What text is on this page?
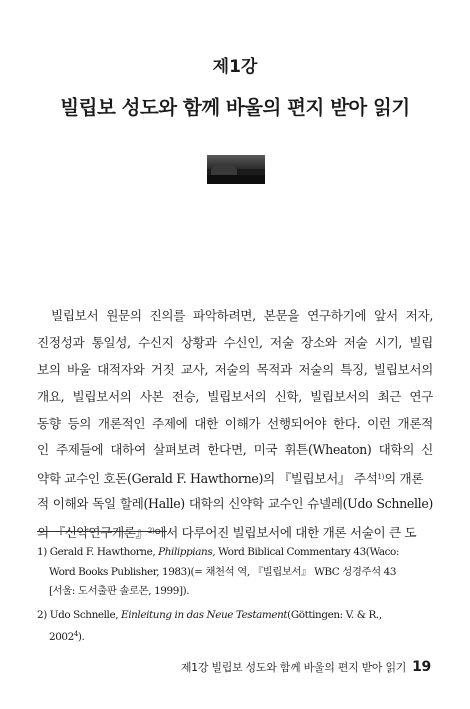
제1강
빌립보 성도와 함께 바울의 편지 받아 읽기
빌립보서 원문의 진의를 파악하려면, 본문을 연구하기에 앞서 저자,
진정성과 통일성, 수신지 상황과 수신인, 저술 장소와 저술 시기, 빌립
보의 바울 대적자와 거짓 교사, 저술의 목적과 저술의 특징, 빌립보서의
개요, 빌립보서의 사본 전승, 빌립보서의 신학, 빌립보서의 최근 연구
동향 등의 개론적인 주제에 대한 이해가 선행되어야 한다. 이런 개론적
인 주제들에 대하여 살펴보려 한다면, 미국 휘튼(Wheaton) 대학의 신
약학 교수인 호돈(Gerald F. Hawthorne)의 『빌립보서』 주석$^{1)}$의 개론
적 이해와 독일 할레(Halle) 대학의 신약학 교수인 슈넬레(Udo Schnelle)
의 『신약연구개론』$^{2)}$에서 다루어진 빌립보서에 대한 개론 서술이 큰 도
1) Gerald F. Hawthorne, Philippians, Word Biblical Commentary 43(Waco:
Word Books Publisher, 1983)(= 채천석 역, 『빌립보서』 WBC 성경주석 43
[서울: 도서출판 솔로몬, 1999]).
2) Udo Schnelle, Einleitung in das Neue Testament(Göttingen: V. & R.,
2002$^4$).
제1강 빌립보 성도와 함께 바울의 편지 받아 읽기 19
